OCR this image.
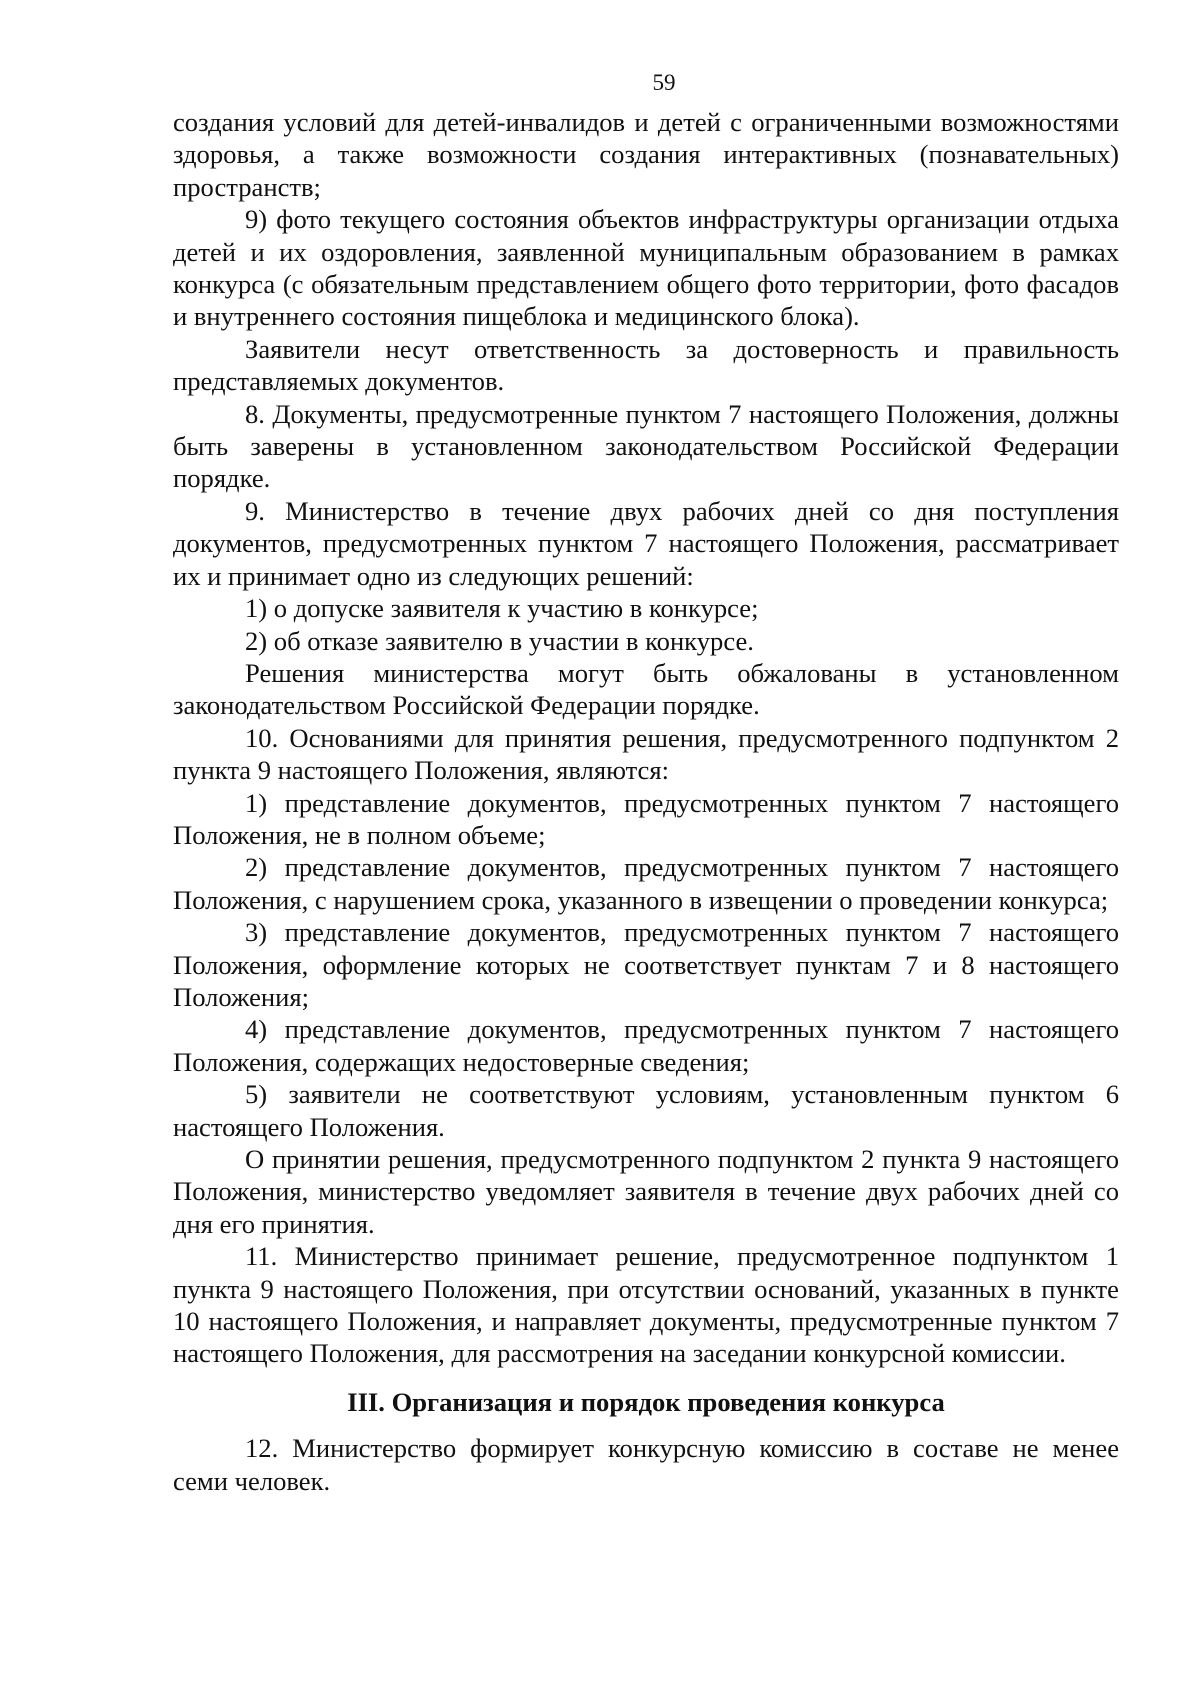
59

создания условий для детей-инвалидов и детей с ограниченными возможностями здоровья, а также возможности создания интерактивных (познавательных) пространств;

9) фото текущего состояния объектов инфраструктуры организации отдыха детей и их оздоровления, заявленной муниципальным образованием в рамках конкурса (с обязательным представлением общего фото территории, фото фасадов и внутреннего состояния пищеблока и медицинского блока).

Заявители несут ответственность за достоверность и правильность представляемых документов.

8. Документы, предусмотренные пунктом 7 настоящего Положения, должны быть заверены в установленном законодательством Российской Федерации порядке.

9. Министерство в течение двух рабочих дней со дня поступления документов, предусмотренных пунктом 7 настоящего Положения, рассматривает их и принимает одно из следующих решений:

1) о допуске заявителя к участию в конкурсе;

2) об отказе заявителю в участии в конкурсе.

Решения министерства могут быть обжалованы в установленном законодательством Российской Федерации порядке.

10. Основаниями для принятия решения, предусмотренного подпунктом 2 пункта 9 настоящего Положения, являются:

1) представление документов, предусмотренных пунктом 7 настоящего Положения, не в полном объеме;

2) представление документов, предусмотренных пунктом 7 настоящего Положения, с нарушением срока, указанного в извещении о проведении конкурса;

3) представление документов, предусмотренных пунктом 7 настоящего Положения, оформление которых не соответствует пунктам 7 и 8 настоящего Положения;

4) представление документов, предусмотренных пунктом 7 настоящего Положения, содержащих недостоверные сведения;

5) заявители не соответствуют условиям, установленным пунктом 6 настоящего Положения.

О принятии решения, предусмотренного подпунктом 2 пункта 9 настоящего Положения, министерство уведомляет заявителя в течение двух рабочих дней со дня его принятия.

11. Министерство принимает решение, предусмотренное подпунктом 1 пункта 9 настоящего Положения, при отсутствии оснований, указанных в пункте 10 настоящего Положения, и направляет документы, предусмотренные пунктом 7 настоящего Положения, для рассмотрения на заседании конкурсной комиссии.

III. Организация и порядок проведения конкурса

12. Министерство формирует конкурсную комиссию в составе не менее семи человек.
